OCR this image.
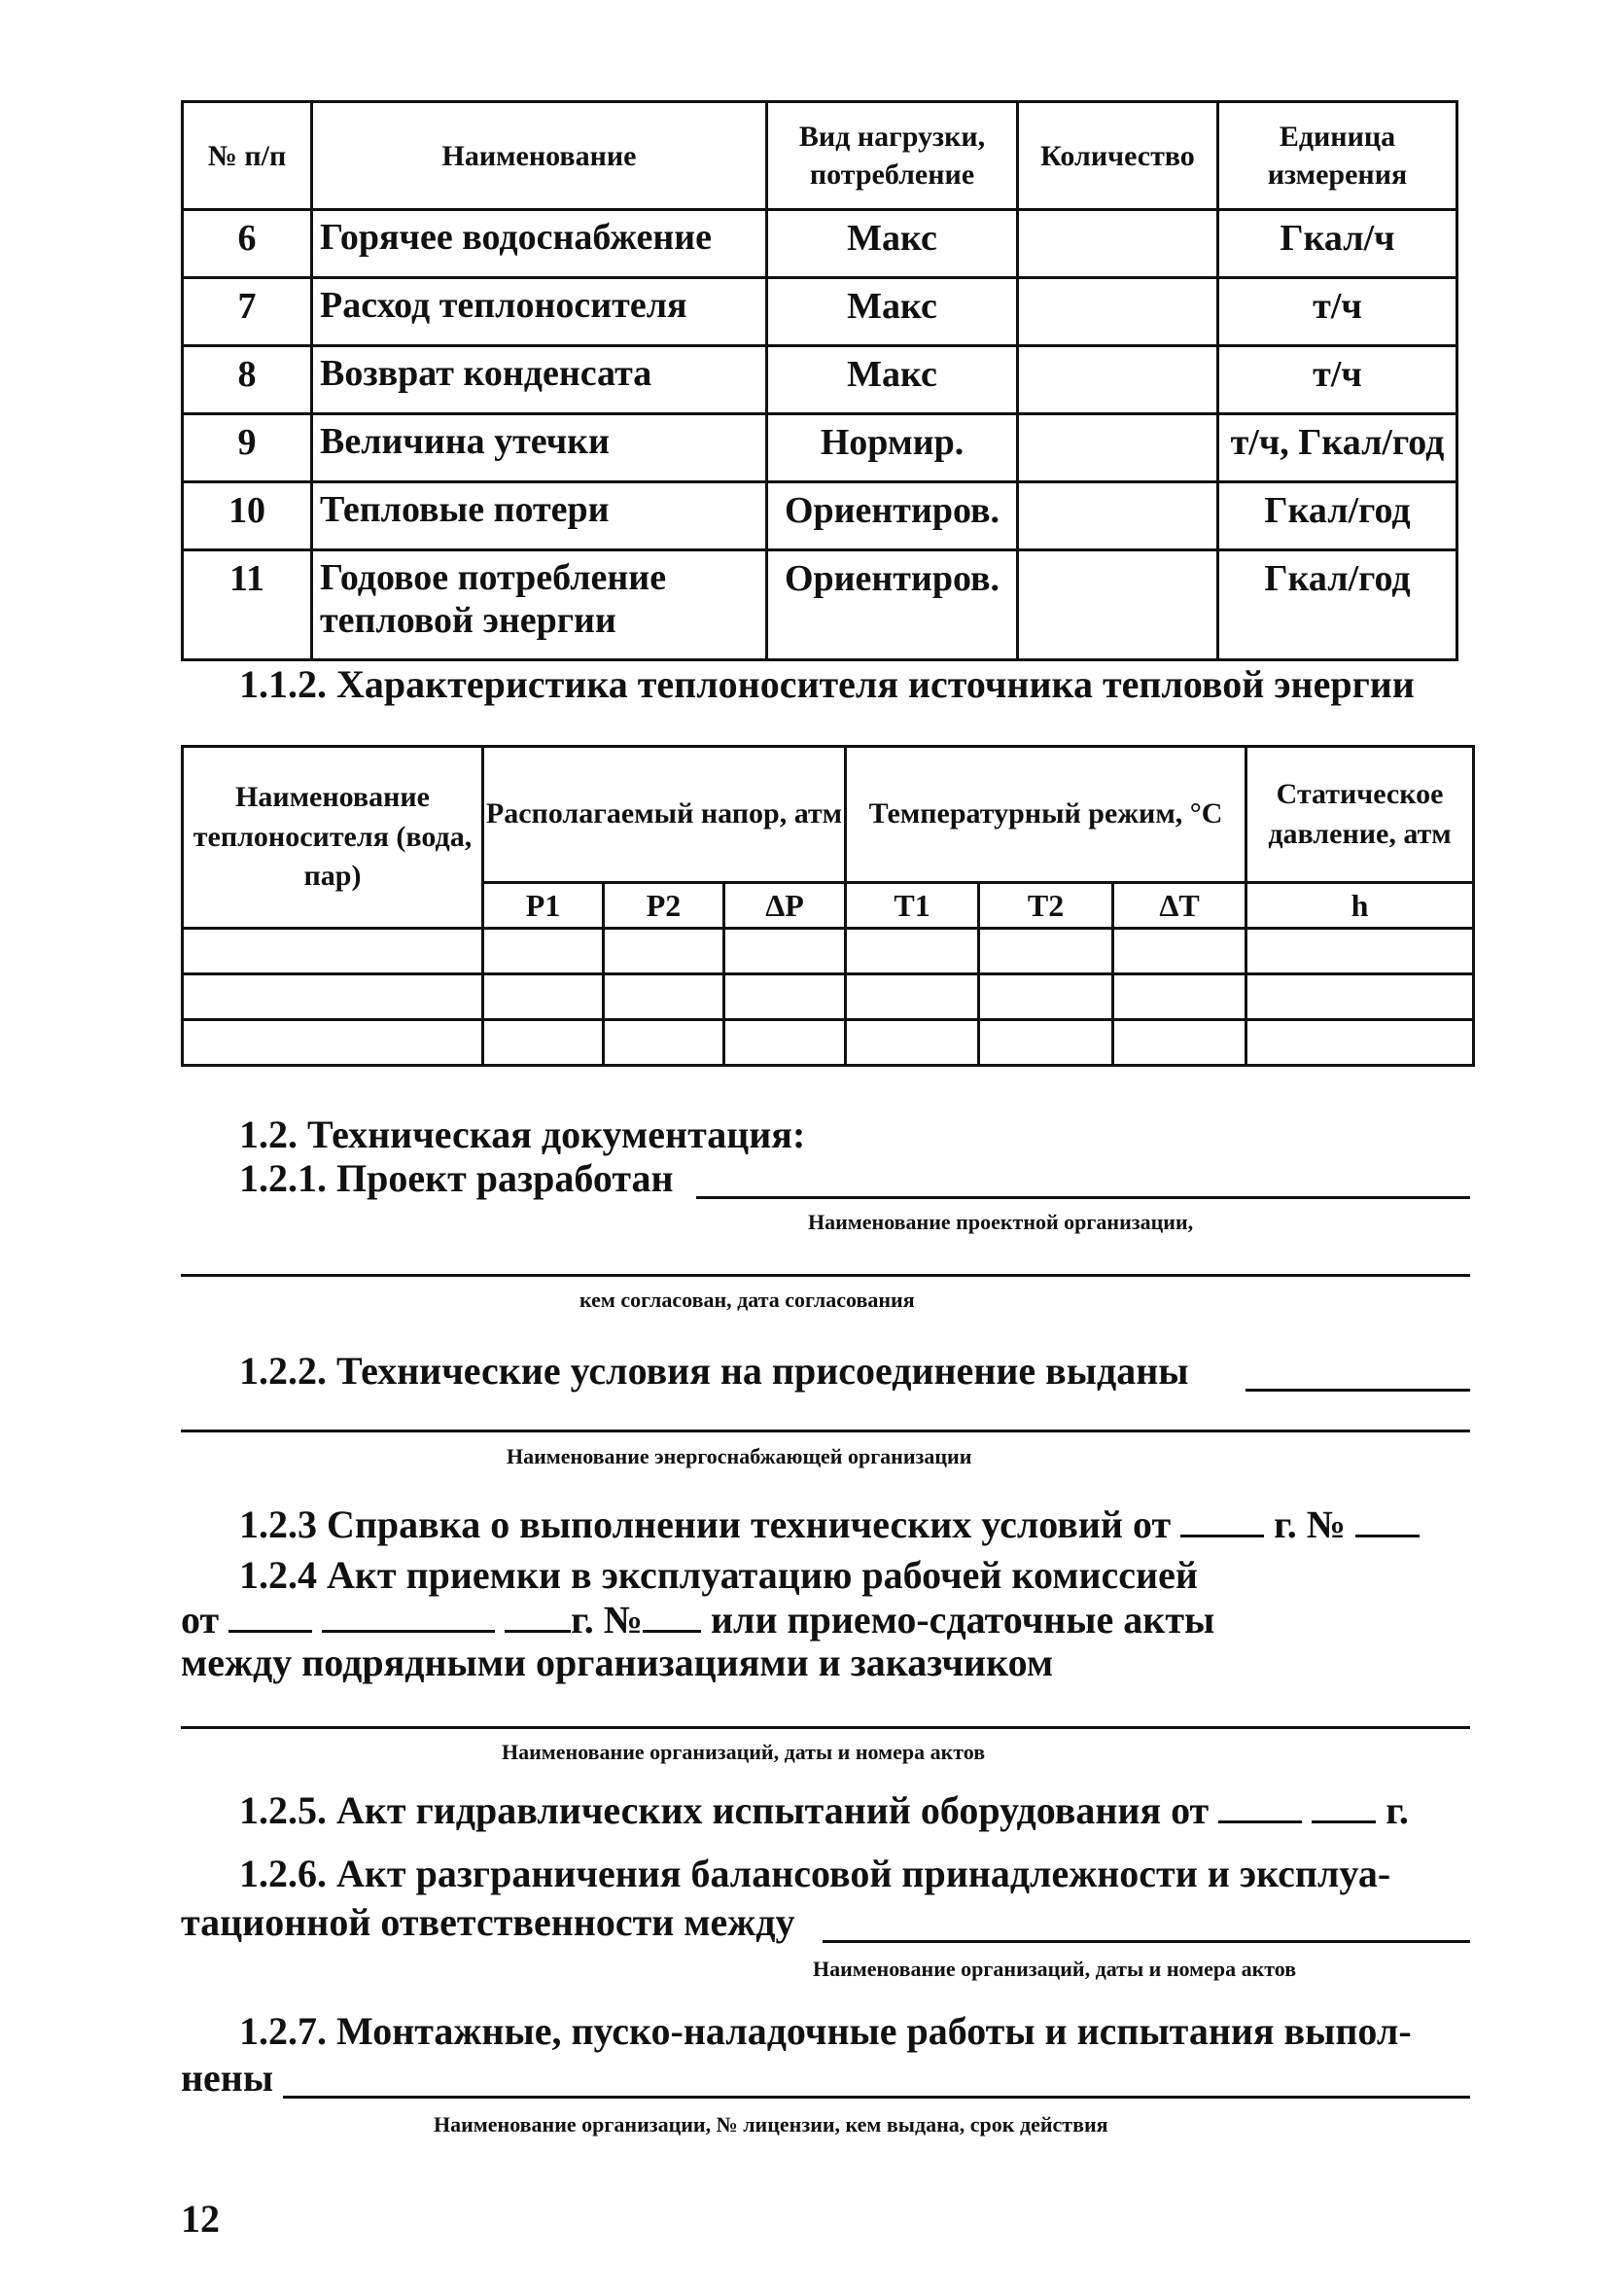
№ п/п	Наименование	Вид нагрузки, потребление	Количество	Единица измерения
6	Горячее водоснабжение	Макс		Гкал/ч
7	Расход теплоносителя	Макс		т/ч
8	Возврат конденсата	Макс		т/ч
9	Величина утечки	Нормир.		т/ч, Гкал/год
10	Тепловые потери	Ориентиров.		Гкал/год
11	Годовое потребление тепловой энергии	Ориентиров.		Гкал/год
1.1.2. Характеристика теплоносителя источника тепловой энергии
Наименование теплоносителя (вода, пар)	Располагаемый напор, атм			Температурный режим, °С			Статическое давление, атм
	P1	P2	ΔP	T1	T2	ΔT	h

1.2. Техническая документация:
1.2.1. Проект разработан
Наименование проектной организации,
кем согласован, дата согласования
1.2.2. Технические условия на присоединение выданы
Наименование энергоснабжающей организации
1.2.3 Справка о выполнении технических условий от	г. №
1.2.4 Акт приемки в эксплуатацию рабочей комиссией
от	г. № или приемо-сдаточные акты
между подрядными организациями и заказчиком
Наименование организаций, даты и номера актов
1.2.5. Акт гидравлических испытаний оборудования от	г.
1.2.6. Акт разграничения балансовой принадлежности и эксплуа-
тационной ответственности между
Наименование организаций, даты и номера актов
1.2.7. Монтажные, пуско-наладочные работы и испытания выпол-
нены
Наименование организации, № лицензии, кем выдана, срок действия
12
